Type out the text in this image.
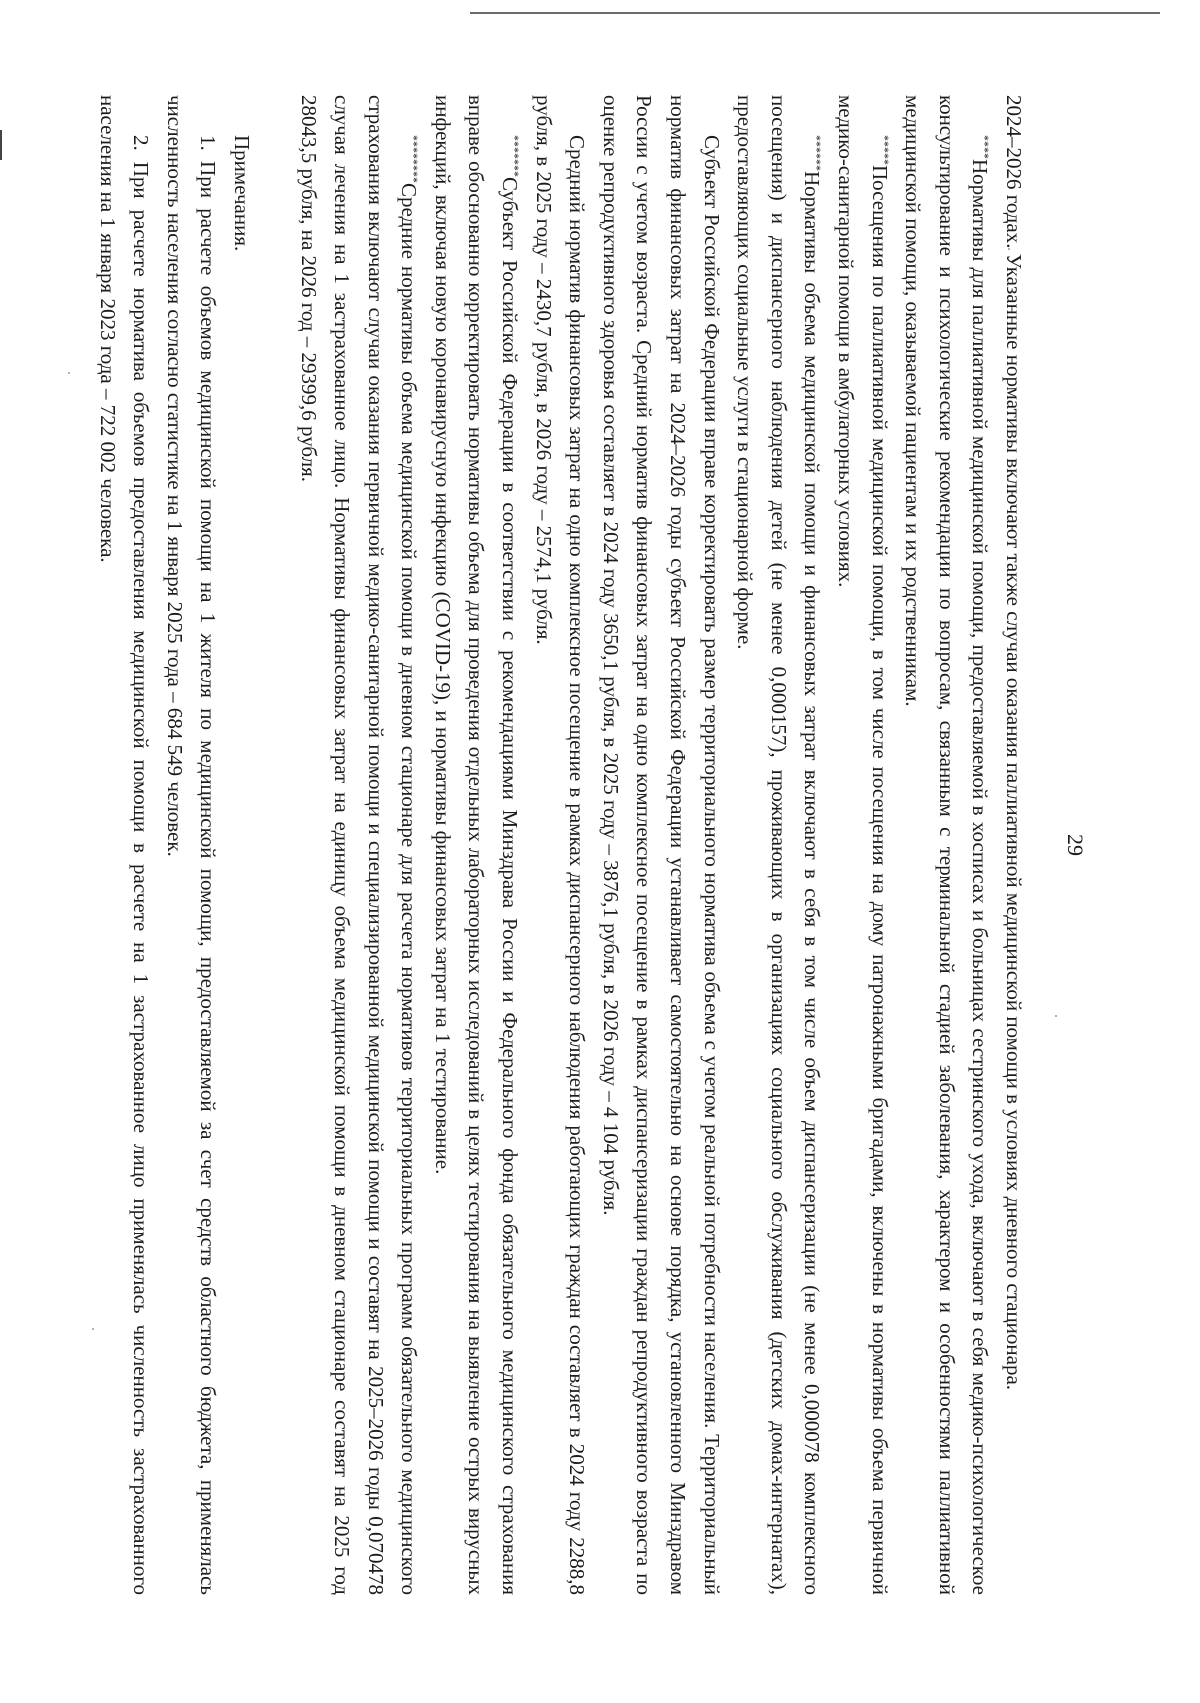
29

2024–2026 годах. Указанные нормативы включают также случаи оказания паллиативной медицинской помощи в условиях дневного стационара.

****Нормативы для паллиативной медицинской помощи, предоставляемой в хосписах и больницах сестринского ухода, включают в себя медико-психологическое консультирование и психологические рекомендации по вопросам, связанным с терминальной стадией заболевания, характером и особенностями паллиативной медицинской помощи, оказываемой пациентам и их родственникам.

*****Посещения по паллиативной медицинской помощи, в том числе посещения на дому патронажными бригадами, включены в нормативы объема первичной медико-санитарной помощи в амбулаторных условиях.

******Нормативы объема медицинской помощи и финансовых затрат включают в себя в том числе объем диспансеризации (не менее 0,000078 комплексного посещения) и диспансерного наблюдения детей (не менее 0,000157), проживающих в организациях социального обслуживания (детских домах-интернатах), предоставляющих социальные услуги в стационарной форме.

Субъект Российской Федерации вправе корректировать размер территориального норматива объема с учетом реальной потребности населения. Территориальный норматив финансовых затрат на 2024–2026 годы субъект Российской Федерации устанавливает самостоятельно на основе порядка, установленного Минздравом России с учетом возраста. Средний норматив финансовых затрат на одно комплексное посещение в рамках диспансеризации граждан репродуктивного возраста по оценке репродуктивного здоровья составляет в 2024 году 3650,1 рубля, в 2025 году – 3876,1 рубля, в 2026 году – 4 104 рубля.

Средний норматив финансовых затрат на одно комплексное посещение в рамках диспансерного наблюдения работающих граждан составляет в 2024 году 2288,8 рубля, в 2025 году – 2430,7 рубля, в 2026 году – 2574,1 рубля.

*******Субъект Российской Федерации в соответствии с рекомендациями Минздрава России и Федерального фонда обязательного медицинского страхования вправе обоснованно корректировать нормативы объема для проведения отдельных лабораторных исследований в целях тестирования на выявление острых вирусных инфекций, включая новую коронавирусную инфекцию (COVID-19), и нормативы финансовых затрат на 1 тестирование.

********Средние нормативы объема медицинской помощи в дневном стационаре для расчета нормативов территориальных программ обязательного медицинского страхования включают случаи оказания первичной медико-санитарной помощи и специализированной медицинской помощи и составят на 2025–2026 годы 0,070478 случая лечения на 1 застрахованное лицо. Нормативы финансовых затрат на единицу объема медицинской помощи в дневном стационаре составят на 2025 год 28043,5 рубля, на 2026 год – 29399,6 рубля.

Примечания.

1. При расчете объемов медицинской помощи на 1 жителя по медицинской помощи, предоставляемой за счет средств областного бюджета, применялась численность населения согласно статистике на 1 января 2025 года – 684 549 человек.

2. При расчете норматива объемов предоставления медицинской помощи в расчете на 1 застрахованное лицо применялась численность застрахованного населения на 1 января 2023 года – 722 002 человека.
